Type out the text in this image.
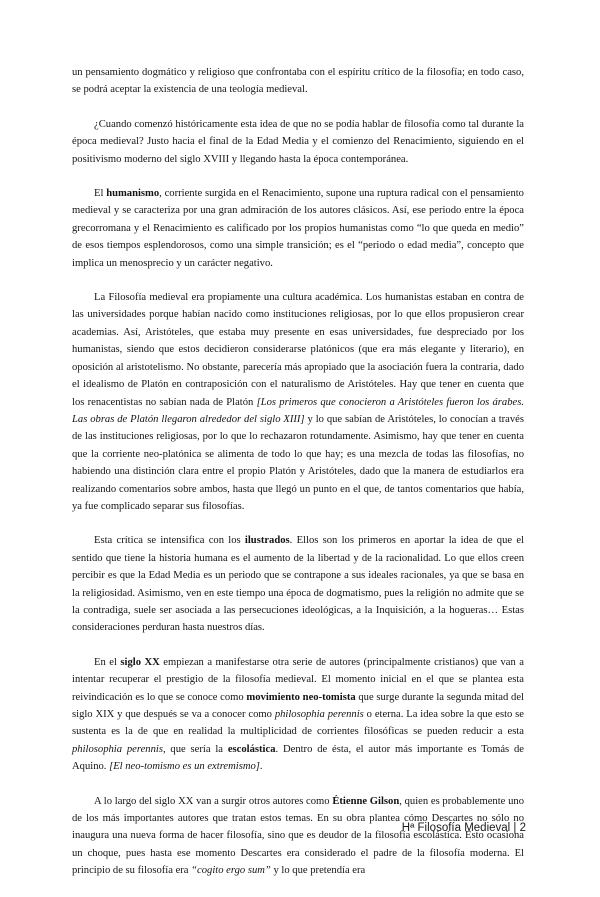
un pensamiento dogmático y religioso que confrontaba con el espíritu crítico de la filosofía; en todo caso, se podrá aceptar la existencia de una teología medieval.

¿Cuando comenzó históricamente esta idea de que no se podía hablar de filosofía como tal durante la época medieval? Justo hacia el final de la Edad Media y el comienzo del Renacimiento, siguiendo en el positivismo moderno del siglo XVIII y llegando hasta la época contemporánea.

El humanismo, corriente surgida en el Renacimiento, supone una ruptura radical con el pensamiento medieval y se caracteriza por una gran admiración de los autores clásicos. Así, ese periodo entre la época grecorromana y el Renacimiento es calificado por los propios humanistas como “lo que queda en medio” de esos tiempos esplendorosos, como una simple transición; es el “periodo o edad media”, concepto que implica un menosprecio y un carácter negativo.

La Filosofía medieval era propiamente una cultura académica. Los humanistas estaban en contra de las universidades porque habían nacido como instituciones religiosas, por lo que ellos propusieron crear academias. Así, Aristóteles, que estaba muy presente en esas universidades, fue despreciado por los humanistas, siendo que estos decidieron considerarse platónicos (que era más elegante y literario), en oposición al aristotelismo. No obstante, parecería más apropiado que la asociación fuera la contraria, dado el idealismo de Platón en contraposición con el naturalismo de Aristóteles. Hay que tener en cuenta que los renacentistas no sabían nada de Platón [Los primeros que conocieron a Aristóteles fueron los árabes. Las obras de Platón llegaron alrededor del siglo XIII] y lo que sabían de Aristóteles, lo conocían a través de las instituciones religiosas, por lo que lo rechazaron rotundamente. Asimismo, hay que tener en cuenta que la corriente neo-platónica se alimenta de todo lo que hay; es una mezcla de todas las filosofías, no habiendo una distinción clara entre el propio Platón y Aristóteles, dado que la manera de estudiarlos era realizando comentarios sobre ambos, hasta que llegó un punto en el que, de tantos comentarios que había, ya fue complicado separar sus filosofías.

Esta crítica se intensifica con los ilustrados. Ellos son los primeros en aportar la idea de que el sentido que tiene la historia humana es el aumento de la libertad y de la racionalidad. Lo que ellos creen percibir es que la Edad Media es un periodo que se contrapone a sus ideales racionales, ya que se basa en la religiosidad. Asimismo, ven en este tiempo una época de dogmatismo, pues la religión no admite que se la contradiga, suele ser asociada a las persecuciones ideológicas, a la Inquisición, a la hogueras… Estas consideraciones perduran hasta nuestros días.

En el siglo XX empiezan a manifestarse otra serie de autores (principalmente cristianos) que van a intentar recuperar el prestigio de la filosofía medieval. El momento inicial en el que se plantea esta reivindicación es lo que se conoce como movimiento neo-tomista que surge durante la segunda mitad del siglo XIX y que después se va a conocer como philosophia perennis o eterna. La idea sobre la que esto se sustenta es la de que en realidad la multiplicidad de corrientes filosóficas se pueden reducir a esta philosophia perennis, que sería la escolástica. Dentro de ésta, el autor más importante es Tomás de Aquino. [El neo-tomismo es un extremismo].

A lo largo del siglo XX van a surgir otros autores como Étienne Gilson, quien es probablemente uno de los más importantes autores que tratan estos temas. En su obra plantea cómo Descartes no sólo no inaugura una nueva forma de hacer filosofía, sino que es deudor de la filosofía escolástica. Esto ocasiona un choque, pues hasta ese momento Descartes era considerado el padre de la filosofía moderna. El principio de su filosofía era “cogito ergo sum” y lo que pretendía era

Hª Filosofía Medieval | 2
